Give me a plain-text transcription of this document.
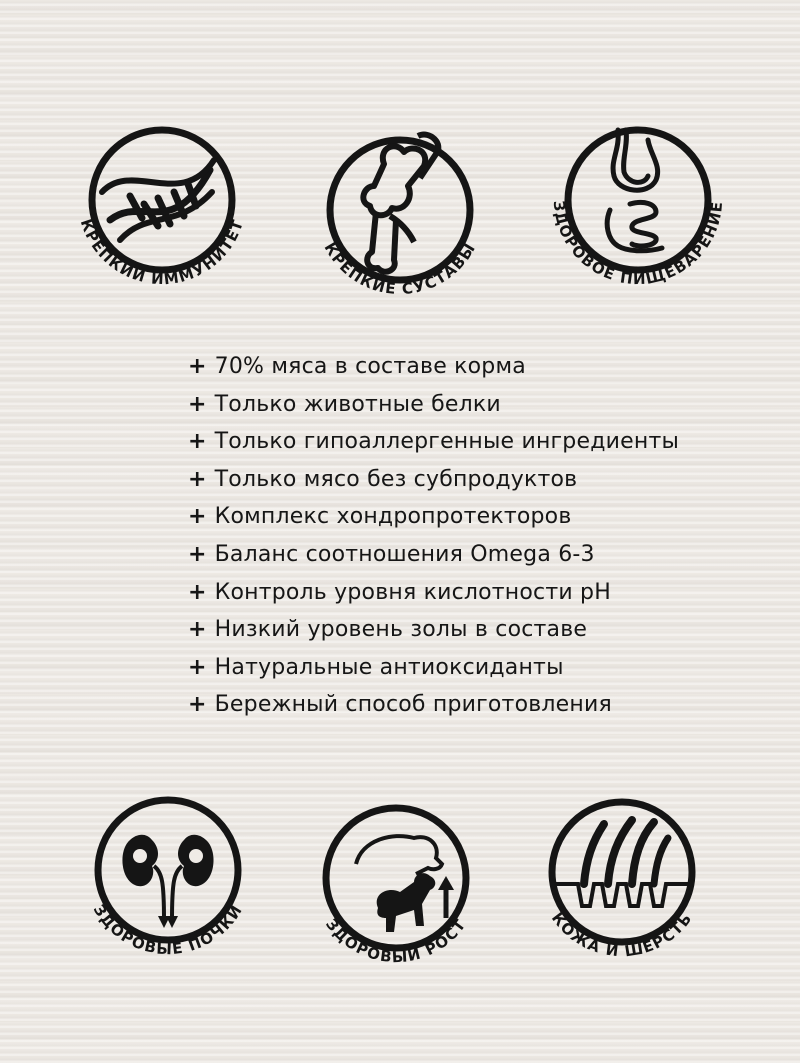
КРЕПКИЙ ИММУНИТЕТ
КРЕПКИЕ СУСТАВЫ
ЗДОРОВОЕ ПИЩЕВАРЕНИЕ
+ 70% мяса в составе корма
+ Только животные белки
+ Только гипоаллергенные ингредиенты
+ Только мясо без субпродуктов
+ Комплекс хондропротекторов
+ Баланс соотношения Omega 6-3
+ Контроль уровня кислотности pH
+ Низкий уровень золы в составе
+ Натуральные антиоксиданты
+ Бережный способ приготовления
ЗДОРОВЫЕ ПОЧКИ
ЗДОРОВЫЙ РОСТ	КОЖА И ШЕРСТЬ
